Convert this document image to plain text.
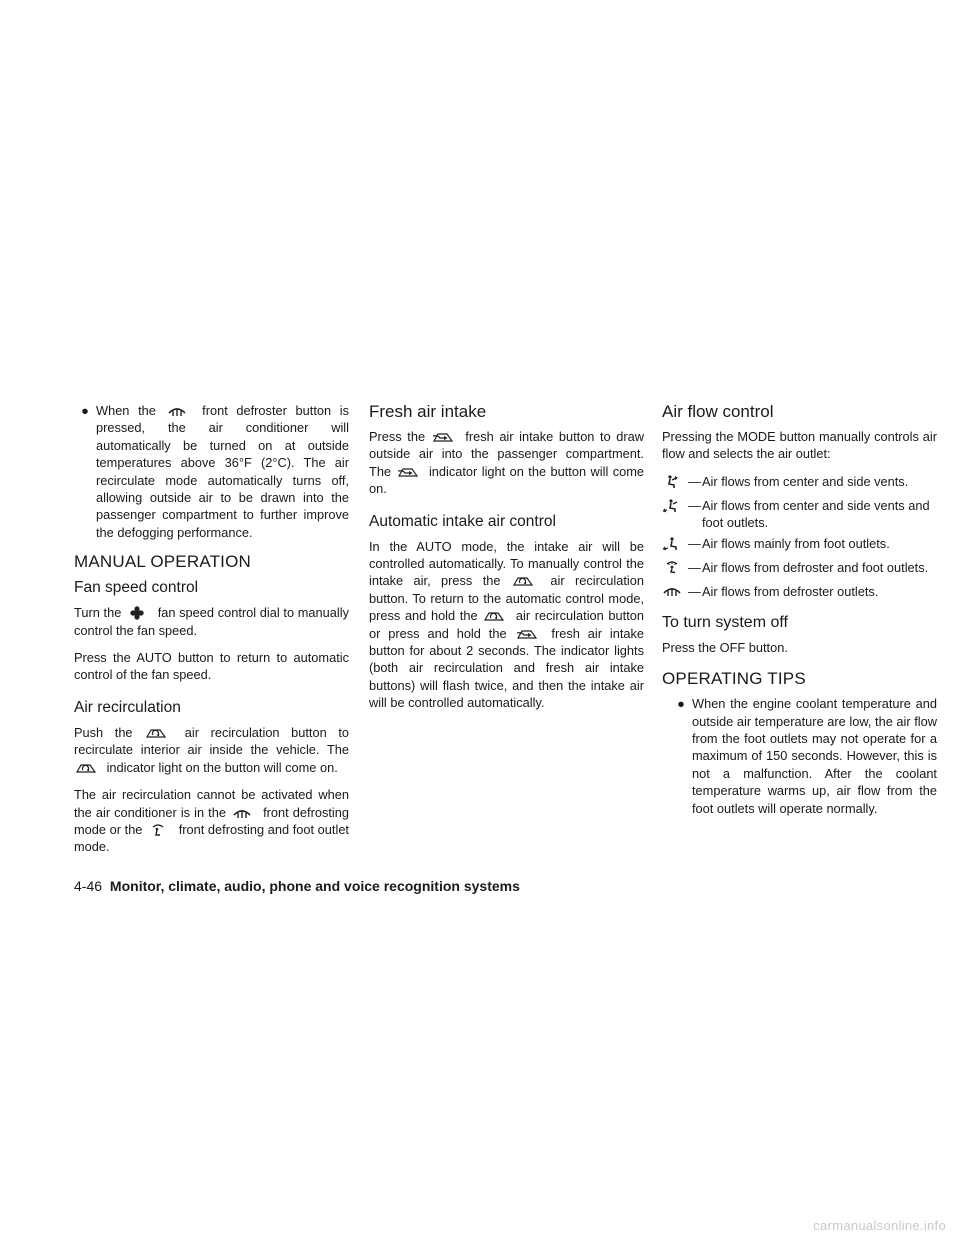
● When the	front defroster button is pressed, the air conditioner will automatically be turned on at outside temperatures above 36°F (2°C). The air recirculate mode automatically turns off, allowing outside air to be drawn into the passenger compartment to further improve the defogging performance.
MANUAL OPERATION
Fan speed control

Turn the	fan speed control dial to manually control the fan speed.

Press the AUTO button to return to automatic control of the fan speed.

Air recirculation

Push the	air recirculation button to recirculate interior air inside the vehicle. The
indicator light on the button will come on.

The air recirculation cannot be activated when the air conditioner is in the	front defrosting mode or the	front defrosting and foot outlet mode.

Fresh air intake

Press the	fresh air intake button to draw outside air into the passenger compartment. The	indicator light on the button will come on.

Automatic intake air control

In the AUTO mode, the intake air will be controlled automatically. To manually control the intake air, press the	air recirculation button. To return to the automatic control mode, press and hold the	air recirculation button or press and hold the	fresh air intake button for about 2 seconds. The indicator lights (both air recirculation and fresh air intake buttons) will flash twice, and then the intake air will be controlled automatically.

Air flow control

Pressing the MODE button manually controls air flow and selects the air outlet:

— Air flows from center and side vents.
— Air flows from center and side vents and foot outlets.
— Air flows mainly from foot outlets.
— Air flows from defroster and foot outlets.
— Air flows from defroster outlets.
To turn system off

Press the OFF button.

OPERATING TIPS
● When the engine coolant temperature and outside air temperature are low, the air flow from the foot outlets may not operate for a maximum of 150 seconds. However, this is not a malfunction. After the coolant temperature warms up, air flow from the foot outlets will operate normally.
4-46 Monitor, climate, audio, phone and voice recognition systems
carmanualsonline.info
